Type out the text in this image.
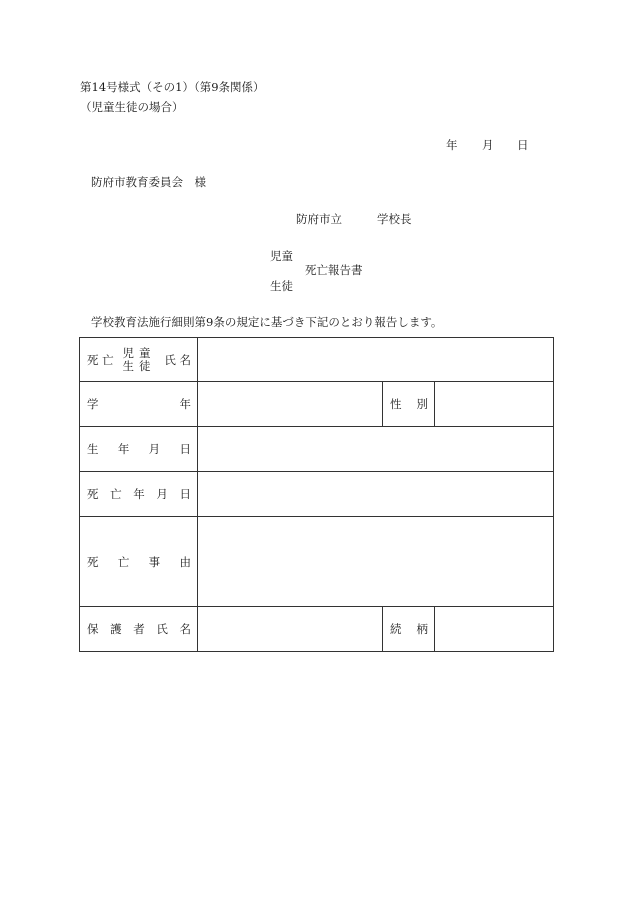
第14号様式（その1）（第9条関係）
（児童生徒の場合）
年 月 日
防府市教育委員会　様
防府市立	学校長
児童
死亡報告書
生徒
学校教育法施行細則第9条の規定に基づき下記のとおり報告します。
死 亡 児童
生徒 氏 名			

学 年		性 別	

生 年 月 日			

死 亡 年 月 日			

死 亡 事 由			

保 護 者 氏 名		続 柄	
